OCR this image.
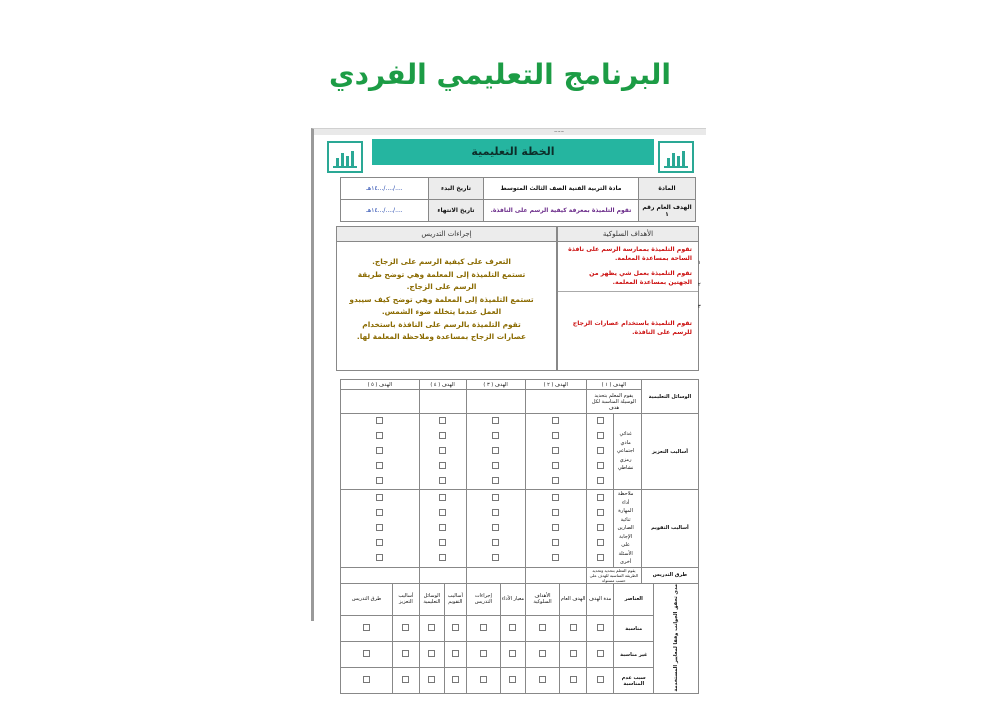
البرنامج التعليمي الفردي
~~~
الخطة التعليمية
المادة	مادة التربية الفنية الصف الثالث المتوسط	تاريخ البدء	..../..../...١٤هـ
الهدف العام رقم ١	تقوم التلميذة بمعرفة كيفية الرسم على النافذة.	تاريخ الانتهاء	..../..../...١٤هـ
الأهداف السلوكية
تقوم التلميذة بممارسة الرسم على نافذة الساحة بمساعدة المعلمة.
تقوم التلميذة بعمل شي يظهر من الجهتين بمساعدة المعلمة.
تقوم التلميذة باستخدام عصارات الزجاج للرسم على النافذة.
١
٢
٣
إجراءات التدريس

التعرف على كيفية الرسم على الزجاج.

تستمع التلميذة إلى المعلمة وهي توضح طريقة الرسم على الزجاج.

تستمع التلميذة إلى المعلمة وهي توضح كيف سيبدو العمل عندما يتخلله ضوء الشمس.

تقوم التلميذة بالرسم على النافذة باستخدام عصارات الزجاج بمساعدة وملاحظة المعلمة لها.

الوسائل التعليمية		الهدف ( ١ )		الهدف ( ٢ )		الهدف ( ٣ )		الهدف ( ٤ )		الهدف ( ٥ )	
		يقوم المعلم بتحديد الوسيلة المناسبة لكل هدف									
أساليب التعزيز		غذائي
مادي
اجتماعي
رمزي
نشاطي									

أساليب التقويم		ملاحظة أداء
المهارة
ثنائية الصارين
الإجابة على الأسئلة
أخرى									

طرق التدريس		يقوم المعلم بتحديد وتحديد الطريقة المناسبة للهدف على حسب مستواه									
مدى تحقق الجوانب وفقا لمعايير المستخدمة	العناصر		مدة الهدف	الهدف العام	الأهداف السلوكية	معيار الأداء	إجراءات التدريس	أساليب التقويم	الوسائل التعليمية	أساليب التعزيز	طرق التدريس
	مناسبة										
	غير مناسبة										
	سبب عدم المناسبة										
